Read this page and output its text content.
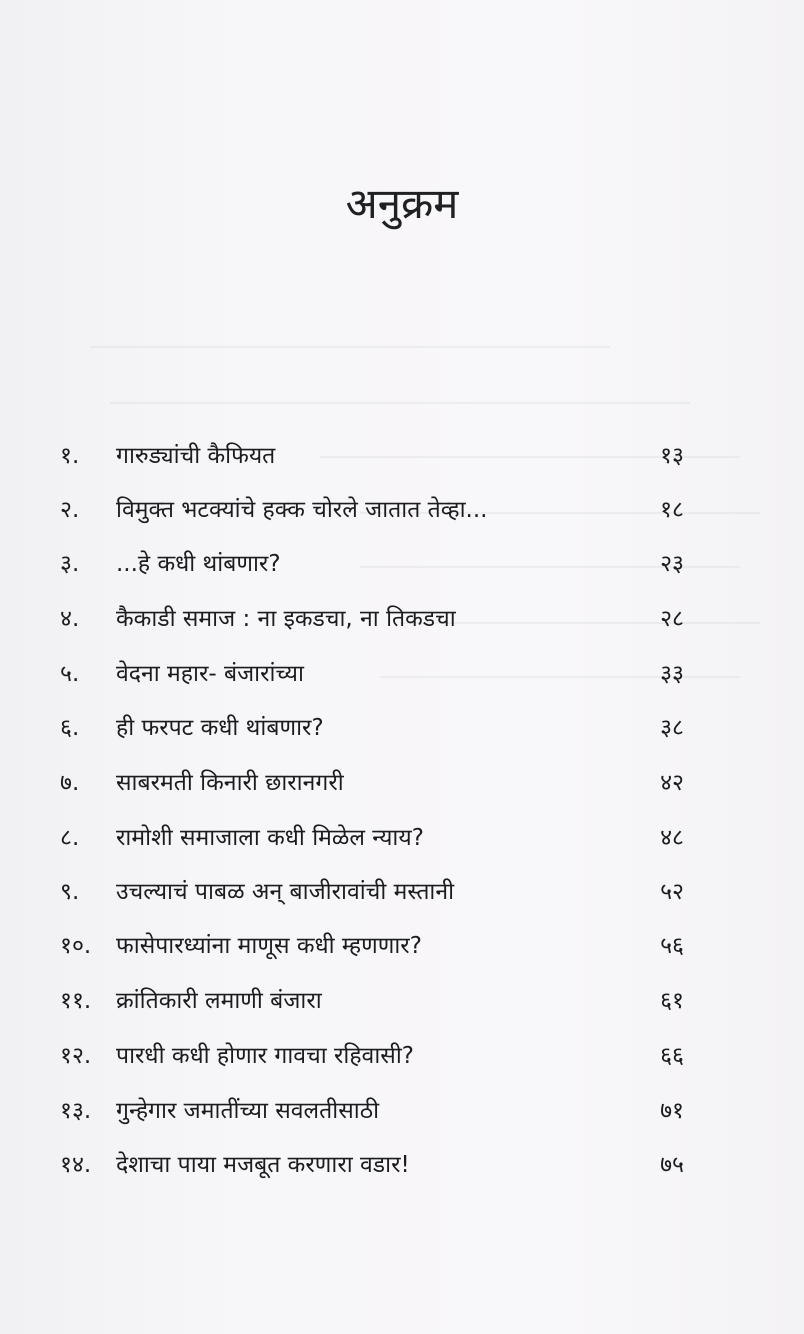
अनुक्रम
१. गारुड्यांची कैफियत	१३
२. विमुक्त भटक्यांचे हक्क चोरले जातात तेव्हा...	१८
३. ...हे कधी थांबणार?	२३
४. कैकाडी समाज : ना इकडचा, ना तिकडचा	२८
५. वेदना महार- बंजारांच्या	३३
६. ही फरपट कधी थांबणार?	३८
७. साबरमती किनारी छारानगरी	४२
८. रामोशी समाजाला कधी मिळेल न्याय?	४८
९. उचल्याचं पाबळ अन् बाजीरावांची मस्तानी	५२
१०. फासेपारध्यांना माणूस कधी म्हणणार?	५६
११. क्रांतिकारी लमाणी बंजारा	६१
१२. पारधी कधी होणार गावचा रहिवासी?	६६
१३. गुन्हेगार जमातींच्या सवलतीसाठी	७१
१४. देशाचा पाया मजबूत करणारा वडार!	७५
